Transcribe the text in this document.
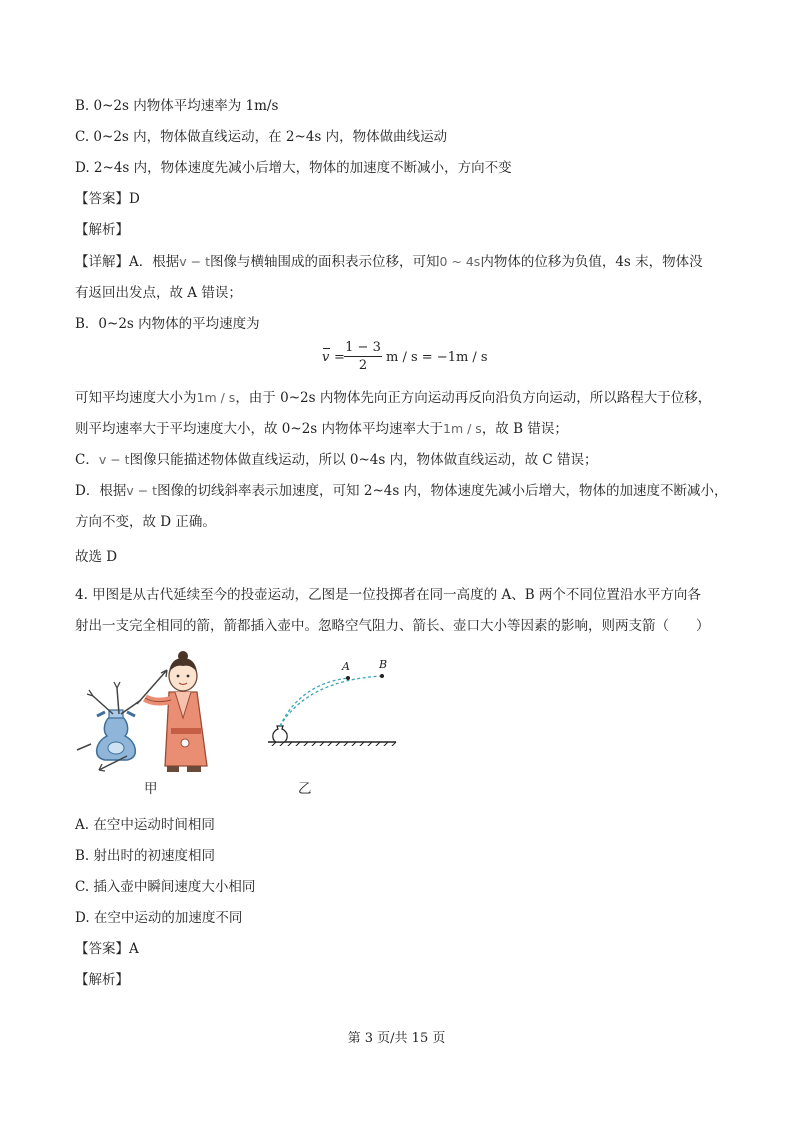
B. 0~2s 内物体平均速率为 1m/s
C. 0~2s 内，物体做直线运动，在 2~4s 内，物体做曲线运动
D. 2~4s 内，物体速度先减小后增大，物体的加速度不断减小，方向不变
【答案】D
【解析】
【详解】A．根据v − t图像与横轴围成的面积表示位移，可知0 ~ 4s内物体的位移为负值，4s 末，物体没
有返回出发点，故 A 错误；
B．0~2s 内物体的平均速度为
$v = \frac{1 - 3}{2}$ m / s = −1m / s
可知平均速度大小为1m / s，由于 0~2s 内物体先向正方向运动再反向沿负方向运动，所以路程大于位移，
则平均速率大于平均速度大小，故 0~2s 内物体平均速率大于1m / s，故 B 错误；
C．v − t图像只能描述物体做直线运动，所以 0~4s 内，物体做直线运动，故 C 错误；
D．根据v − t图像的切线斜率表示加速度，可知 2~4s 内，物体速度先减小后增大，物体的加速度不断减小，
方向不变，故 D 正确。
故选 D
4. 甲图是从古代延续至今的投壶运动，乙图是一位投掷者在同一高度的 A、B 两个不同位置沿水平方向各
射出一支完全相同的箭，箭都插入壶中。忽略空气阻力、箭长、壶口大小等因素的影响，则两支箭（　　）
甲
A	B
乙
A. 在空中运动时间相同
B. 射出时的初速度相同
C. 插入壶中瞬间速度大小相同
D. 在空中运动的加速度不同
【答案】A
【解析】
第 3 页/共 15 页
